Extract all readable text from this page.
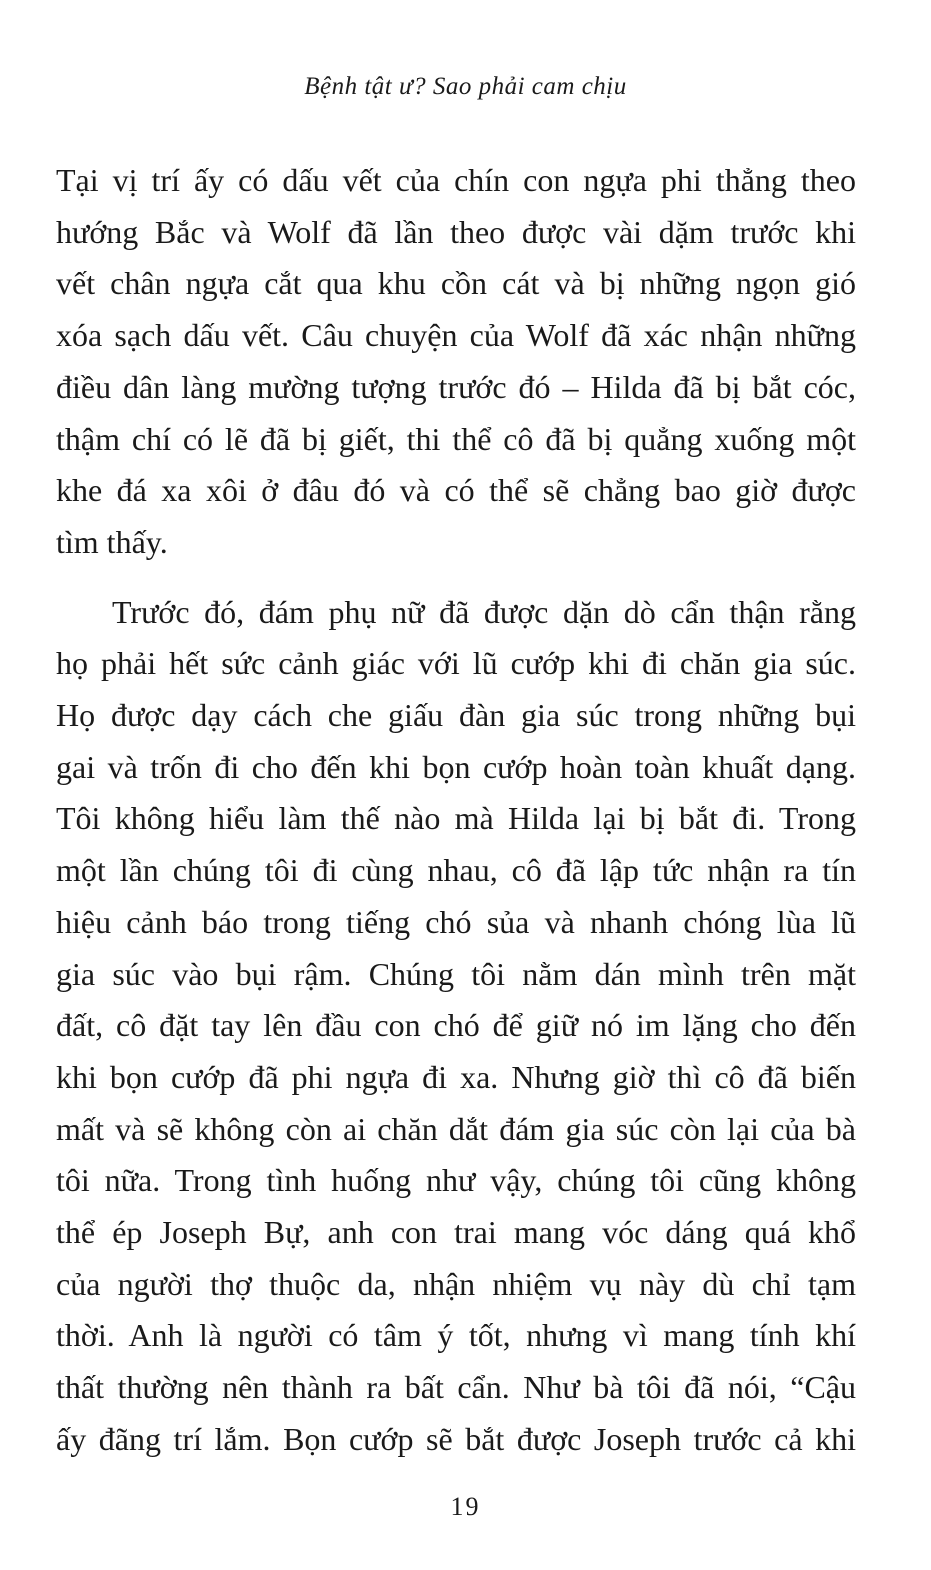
Bệnh tật ư? Sao phải cam chịu

Tại vị trí ấy có dấu vết của chín con ngựa phi thẳng theo
hướng Bắc và Wolf đã lần theo được vài dặm trước khi
vết chân ngựa cắt qua khu cồn cát và bị những ngọn gió
xóa sạch dấu vết. Câu chuyện của Wolf đã xác nhận những
điều dân làng mường tượng trước đó – Hilda đã bị bắt cóc,
thậm chí có lẽ đã bị giết, thi thể cô đã bị quẳng xuống một
khe đá xa xôi ở đâu đó và có thể sẽ chẳng bao giờ được
tìm thấy.

Trước đó, đám phụ nữ đã được dặn dò cẩn thận rằng
họ phải hết sức cảnh giác với lũ cướp khi đi chăn gia súc.
Họ được dạy cách che giấu đàn gia súc trong những bụi
gai và trốn đi cho đến khi bọn cướp hoàn toàn khuất dạng.
Tôi không hiểu làm thế nào mà Hilda lại bị bắt đi. Trong
một lần chúng tôi đi cùng nhau, cô đã lập tức nhận ra tín
hiệu cảnh báo trong tiếng chó sủa và nhanh chóng lùa lũ
gia súc vào bụi rậm. Chúng tôi nằm dán mình trên mặt
đất, cô đặt tay lên đầu con chó để giữ nó im lặng cho đến
khi bọn cướp đã phi ngựa đi xa. Nhưng giờ thì cô đã biến
mất và sẽ không còn ai chăn dắt đám gia súc còn lại của bà
tôi nữa. Trong tình huống như vậy, chúng tôi cũng không
thể ép Joseph Bự, anh con trai mang vóc dáng quá khổ
của người thợ thuộc da, nhận nhiệm vụ này dù chỉ tạm
thời. Anh là người có tâm ý tốt, nhưng vì mang tính khí
thất thường nên thành ra bất cẩn. Như bà tôi đã nói, “Cậu
ấy đãng trí lắm. Bọn cướp sẽ bắt được Joseph trước cả khi

19
